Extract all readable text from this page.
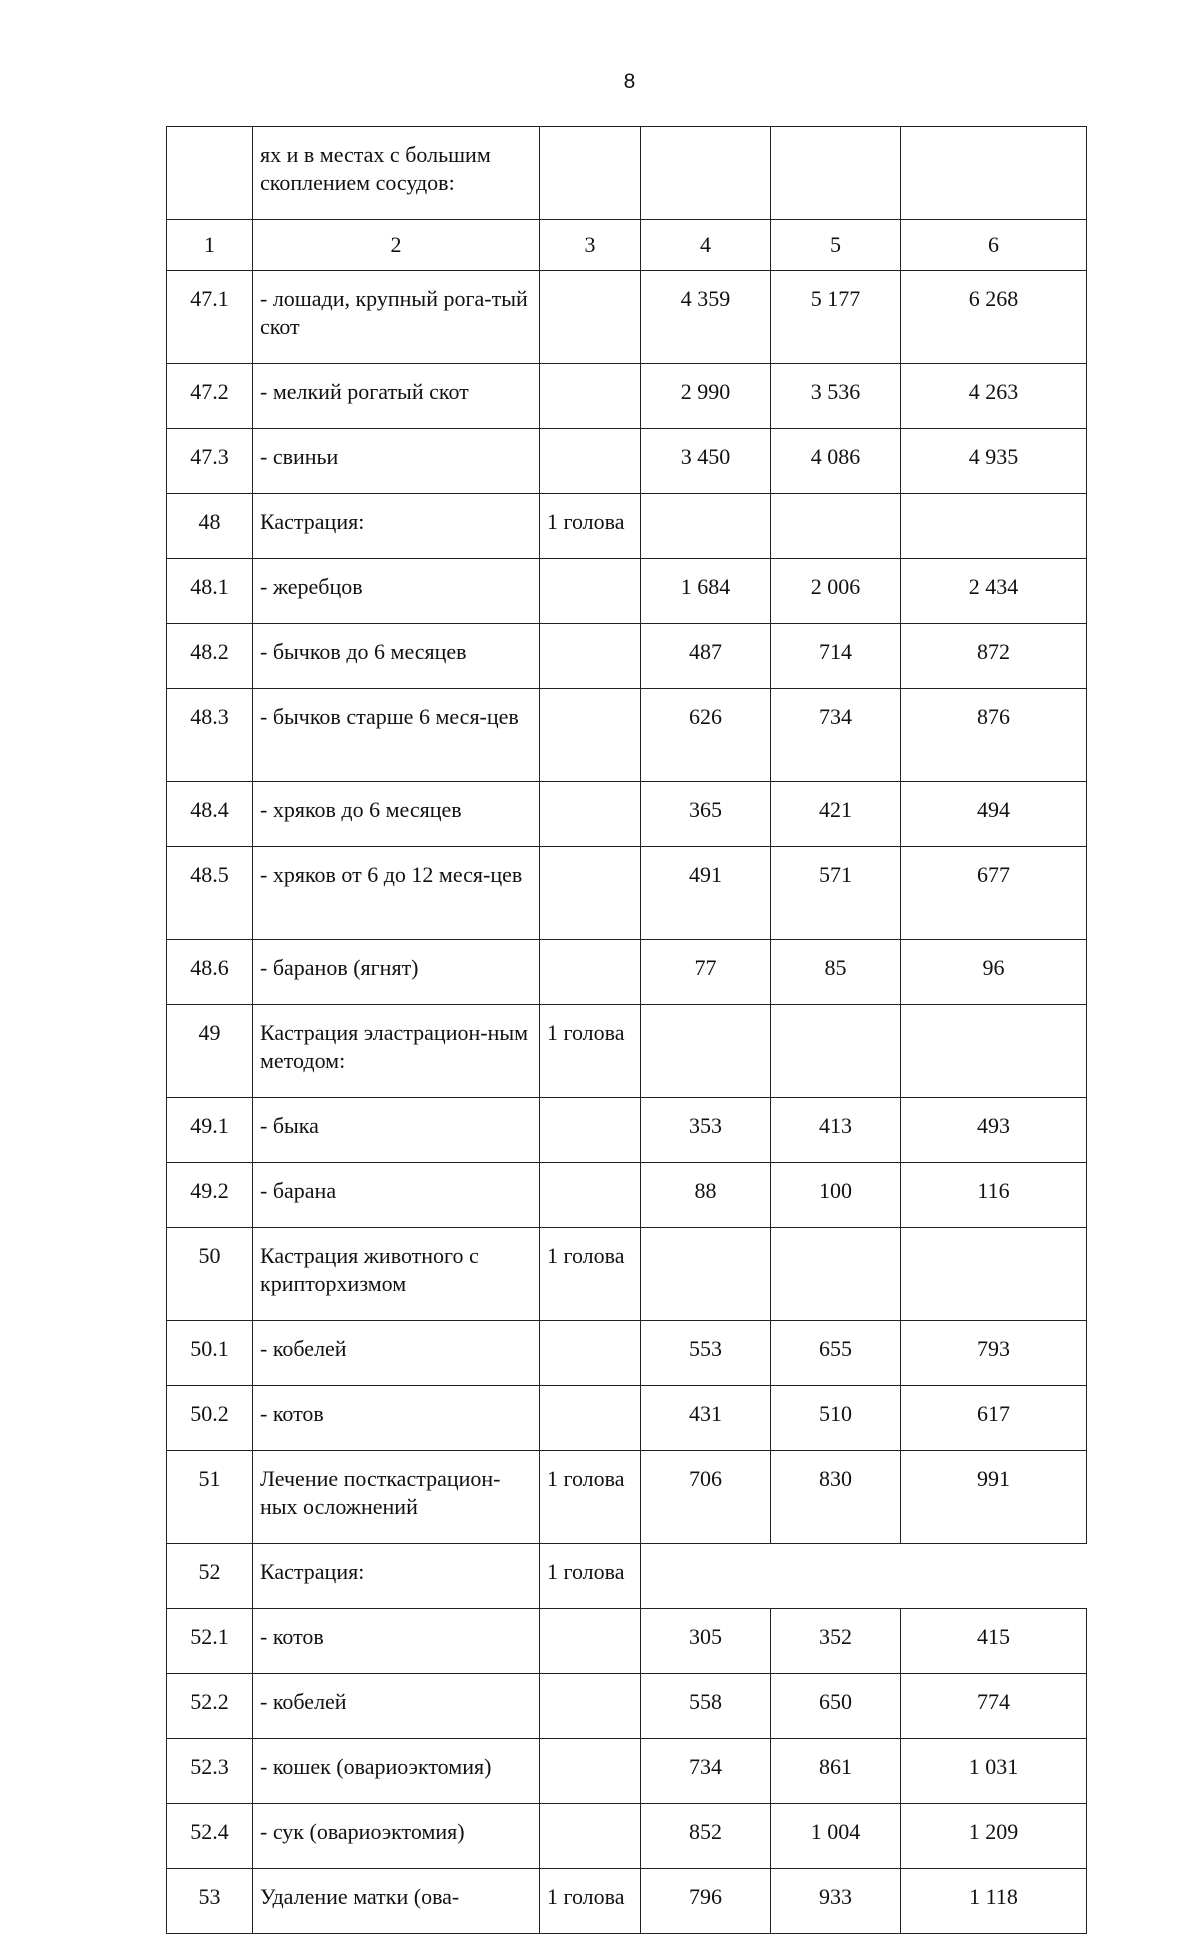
8
	ях и в местах с большим скоплением сосудов:				
1	2	3	4	5	6
47.1	- лошади, крупный рога-тый скот		4 359	5 177	6 268
47.2	- мелкий рогатый скот		2 990	3 536	4 263
47.3	- свиньи		3 450	4 086	4 935
48	Кастрация:	1 голова			
48.1	- жеребцов		1 684	2 006	2 434
48.2	- бычков до 6 месяцев		487	714	872
48.3	- бычков старше 6 меся-цев		626	734	876
48.4	- хряков до 6 месяцев		365	421	494
48.5	- хряков от 6 до 12 меся-цев		491	571	677
48.6	- баранов (ягнят)		77	85	96
49	Кастрация эластрацион-ным методом:	1 голова			
49.1	- быка		353	413	493
49.2	- барана		88	100	116
50	Кастрация животного с крипторхизмом	1 голова			
50.1	- кобелей		553	655	793
50.2	- котов		431	510	617
51	Лечение посткастрацион-ных осложнений	1 голова	706	830	991
52	Кастрация:	1 голова			
52.1	- котов		305	352	415
52.2	- кобелей		558	650	774
52.3	- кошек (овариоэктомия)		734	861	1 031
52.4	- сук (овариоэктомия)		852	1 004	1 209
53	Удаление матки (ова-	1 голова	796	933	1 118
